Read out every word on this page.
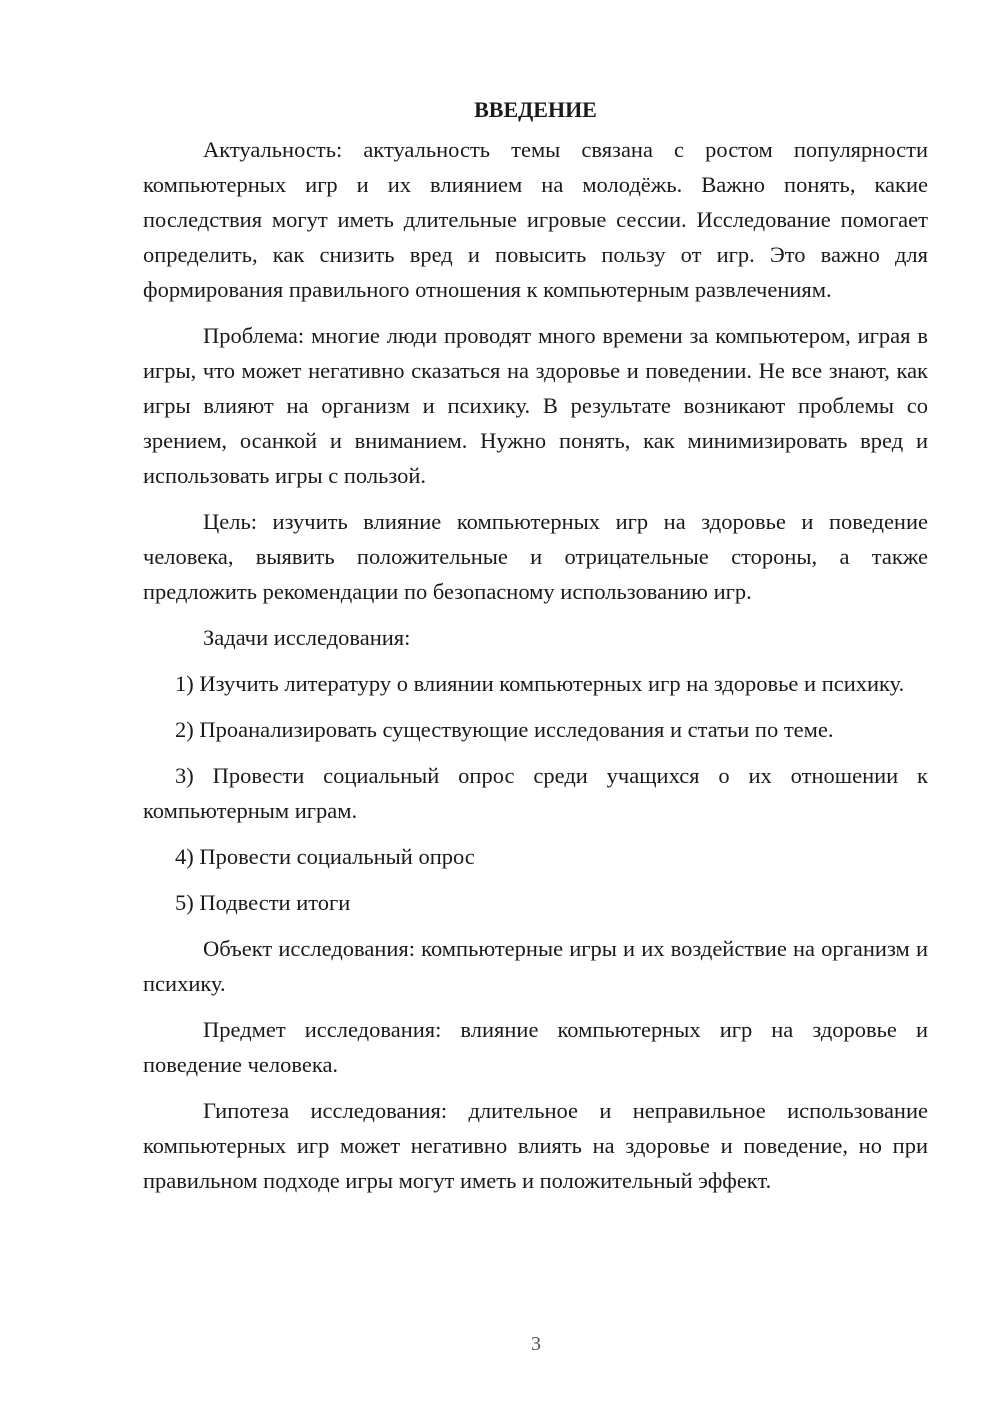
ВВЕДЕНИЕ

Актуальность: актуальность темы связана с ростом популярности компьютерных игр и их влиянием на молодёжь. Важно понять, какие последствия могут иметь длительные игровые сессии. Исследование помогает определить, как снизить вред и повысить пользу от игр. Это важно для формирования правильного отношения к компьютерным развлечениям.

Проблема: многие люди проводят много времени за компьютером, играя в игры, что может негативно сказаться на здоровье и поведении. Не все знают, как игры влияют на организм и психику. В результате возникают проблемы со зрением, осанкой и вниманием. Нужно понять, как минимизировать вред и использовать игры с пользой.

Цель: изучить влияние компьютерных игр на здоровье и поведение человека, выявить положительные и отрицательные стороны, а также предложить рекомендации по безопасному использованию игр.

Задачи исследования:

1) Изучить литературу о влиянии компьютерных игр на здоровье и психику.

2) Проанализировать существующие исследования и статьи по теме.

3) Провести социальный опрос среди учащихся о их отношении к компьютерным играм.

4) Провести социальный опрос

5) Подвести итоги

Объект исследования: компьютерные игры и их воздействие на организм и психику.

Предмет исследования: влияние компьютерных игр на здоровье и поведение человека.

Гипотеза исследования: длительное и неправильное использование компьютерных игр может негативно влиять на здоровье и поведение, но при правильном подходе игры могут иметь и положительный эффект.

3
